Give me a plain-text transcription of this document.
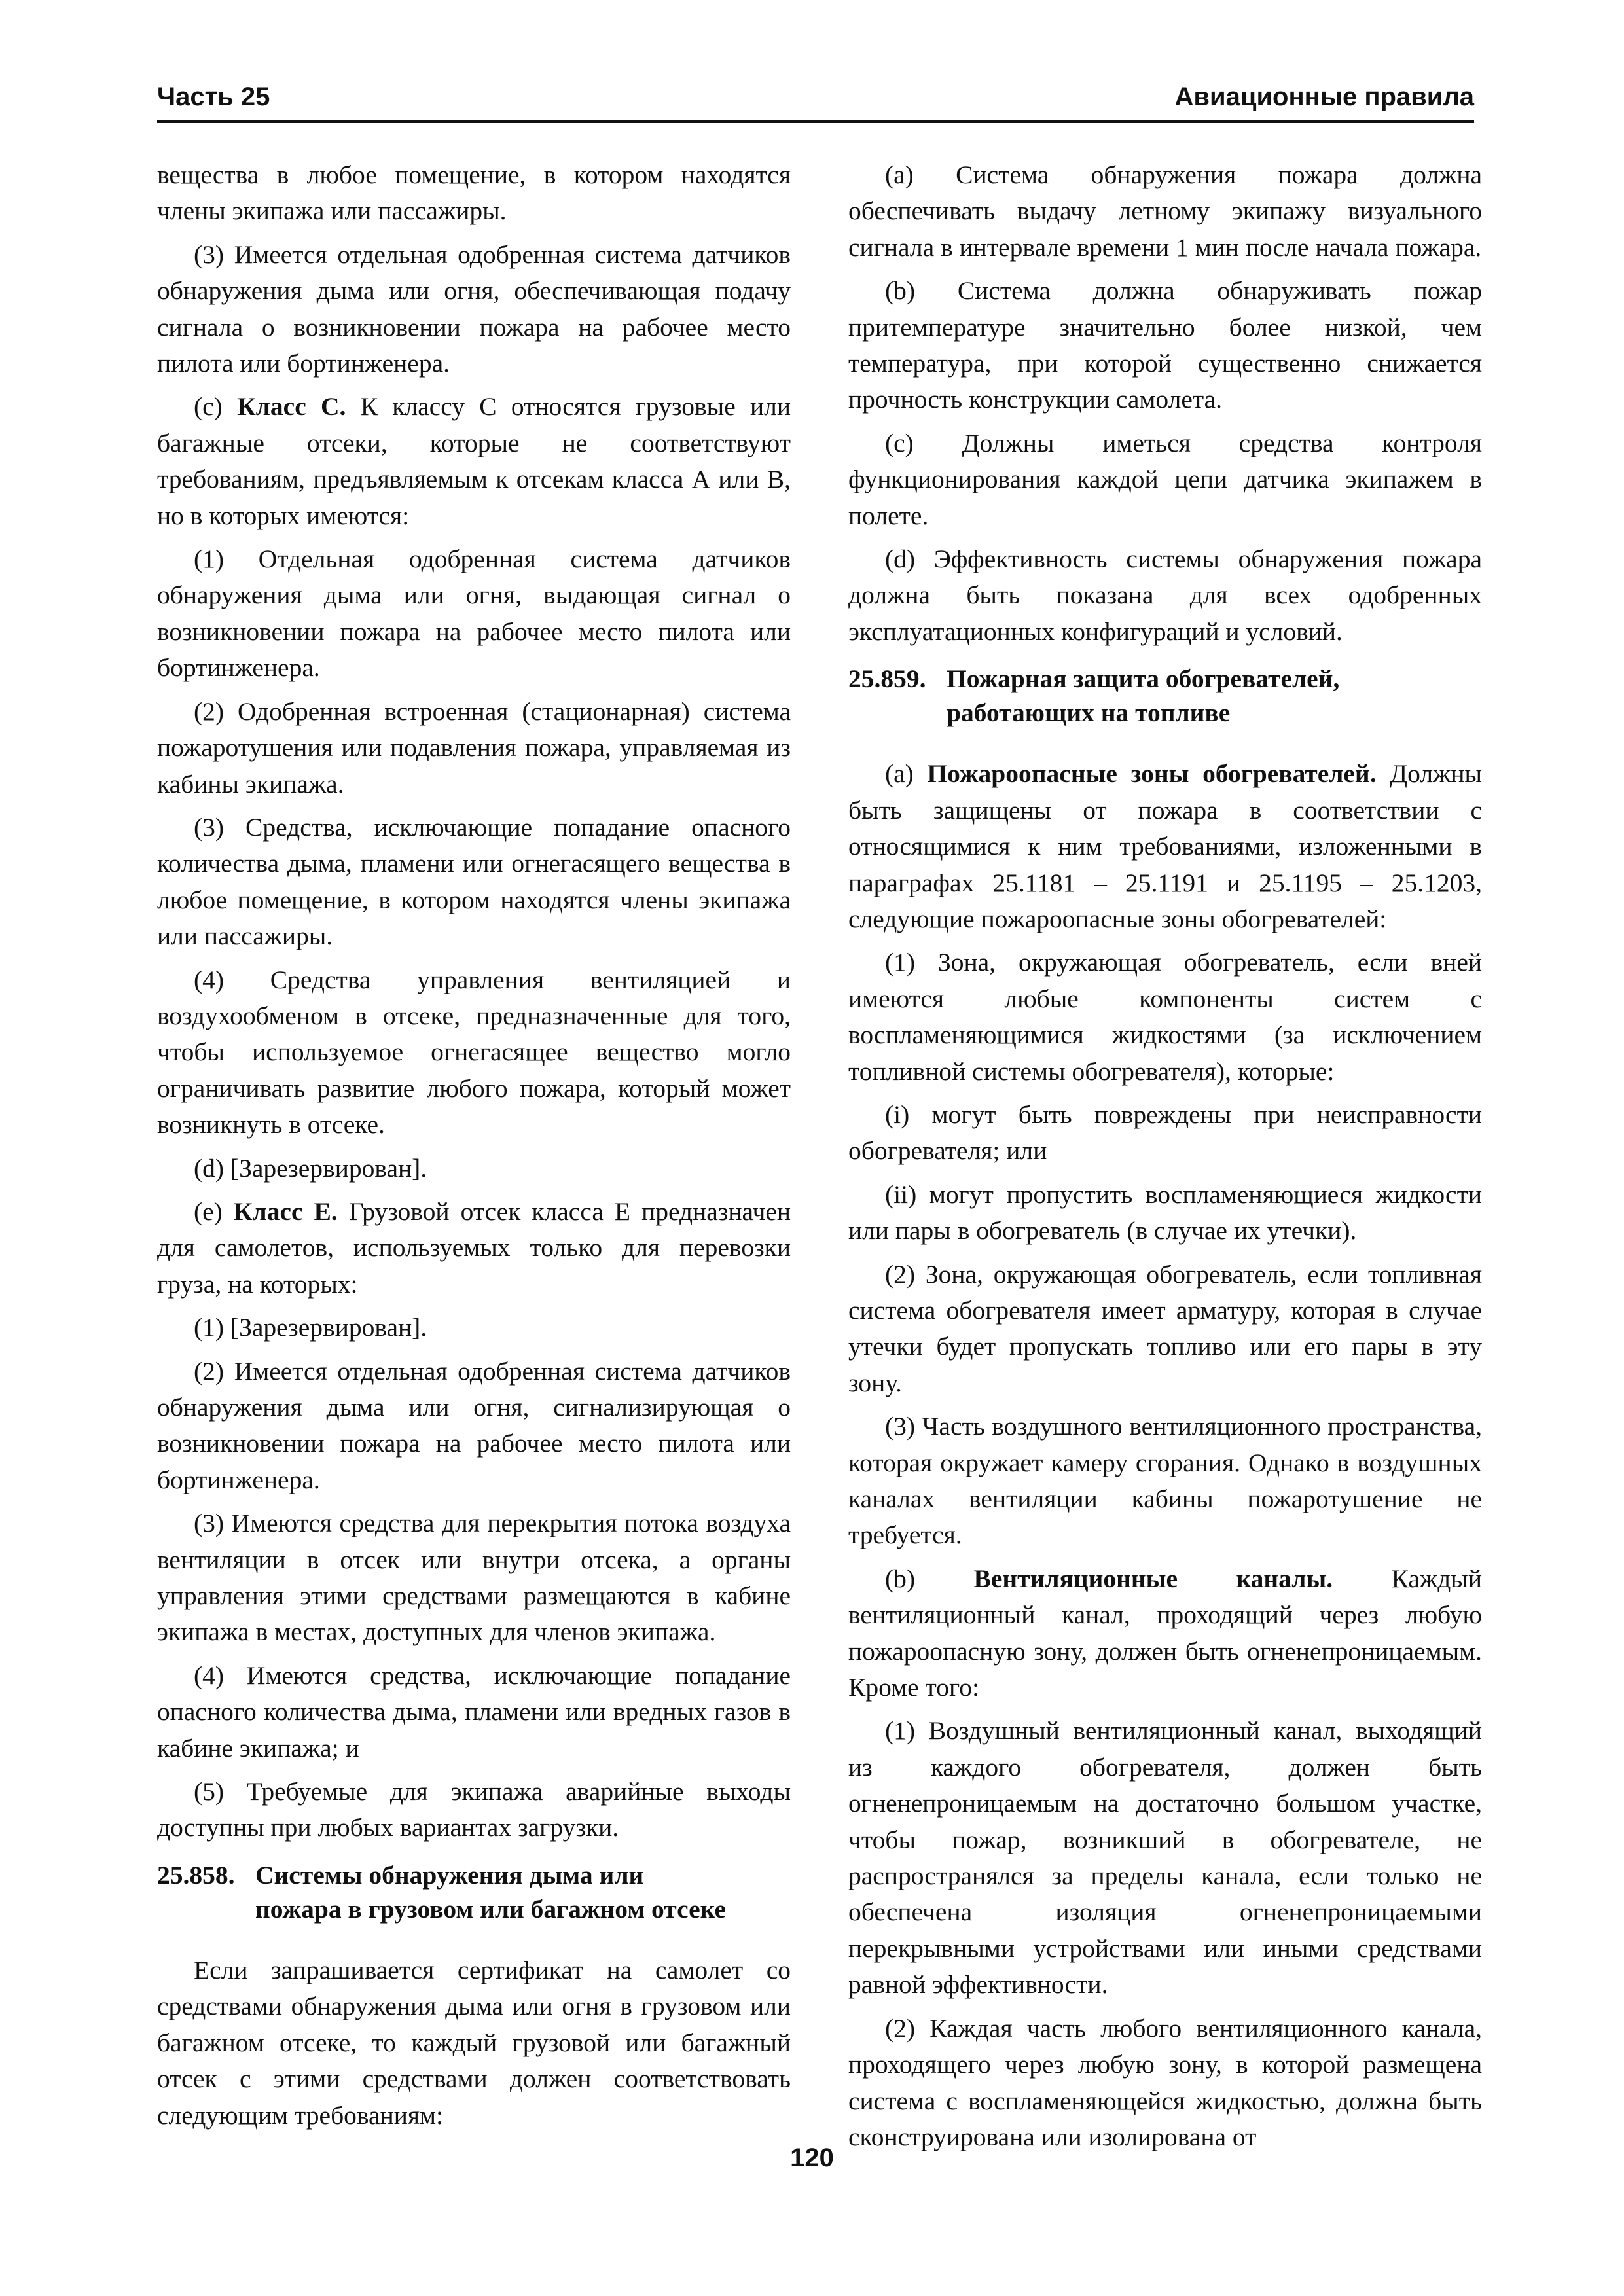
Часть 25	Авиационные правила

вещества в любое помещение, в котором находятся члены экипажа или пассажиры.

(3) Имеется отдельная одобренная система датчиков обнаружения дыма или огня, обеспечивающая подачу сигнала о возникновении пожара на рабочее место пилота или бортинженера.

(c) Класс С. К классу С относятся грузовые или багажные отсеки, которые не соответствуют требованиям, предъявляемым к отсекам класса А или В, но в которых имеются:

(1) Отдельная одобренная система датчиков обнаружения дыма или огня, выдающая сигнал о возникновении пожара на рабочее место пилота или бортинженера.

(2) Одобренная встроенная (стационарная) система пожаротушения или подавления пожара, управляемая из кабины экипажа.

(3) Средства, исключающие попадание опасного количества дыма, пламени или огнегасящего вещества в любое помещение, в котором находятся члены экипажа или пассажиры.

(4) Средства управления вентиляцией и воздухообменом в отсеке, предназначенные для того, чтобы используемое огнегасящее вещество могло ограничивать развитие любого пожара, который может возникнуть в отсеке.

(d) [Зарезервирован].

(e) Класс Е. Грузовой отсек класса Е предназначен для самолетов, используемых только для перевозки груза, на которых:

(1) [Зарезервирован].

(2) Имеется отдельная одобренная система датчиков обнаружения дыма или огня, сигнализирующая о возникновении пожара на рабочее место пилота или бортинженера.

(3) Имеются средства для перекрытия потока воздуха вентиляции в отсек или внутри отсека, а органы управления этими средствами размещаются в кабине экипажа в местах, доступных для членов экипажа.

(4) Имеются средства, исключающие попадание опасного количества дыма, пламени или вредных газов в кабине экипажа; и

(5) Требуемые для экипажа аварийные выходы доступны при любых вариантах загрузки.

25.858. Системы обнаружения дыма или
пожара в грузовом или багажном отсеке

Если запрашивается сертификат на самолет со средствами обнаружения дыма или огня в грузовом или багажном отсеке, то каждый грузовой или багажный отсек с этими средствами должен соответствовать следующим требованиям:

(a) Система обнаружения пожара должна обеспечивать выдачу летному экипажу визуального сигнала в интервале времени 1 мин после начала пожара.

(b) Система должна обнаруживать пожар притемпературе значительно более низкой, чем температура, при которой существенно снижается прочность конструкции самолета.

(c) Должны иметься средства контроля функционирования каждой цепи датчика экипажем в полете.

(d) Эффективность системы обнаружения пожара должна быть показана для всех одобренных эксплуатационных конфигураций и условий.

25.859. Пожарная защита обогревателей,
работающих на топливе

(a) Пожароопасные зоны обогревателей. Должны быть защищены от пожара в соответствии с относящимися к ним требованиями, изложенными в параграфах 25.1181 – 25.1191 и 25.1195 – 25.1203, следующие пожароопасные зоны обогревателей:

(1) Зона, окружающая обогреватель, если вней имеются любые компоненты систем с воспламеняющимися жидкостями (за исключением топливной системы обогревателя), которые:

(i) могут быть повреждены при неисправности обогревателя; или

(ii) могут пропустить воспламеняющиеся жидкости или пары в обогреватель (в случае их утечки).

(2) Зона, окружающая обогреватель, если топливная система обогревателя имеет арматуру, которая в случае утечки будет пропускать топливо или его пары в эту зону.

(3) Часть воздушного вентиляционного пространства, которая окружает камеру сгорания. Однако в воздушных каналах вентиляции кабины пожаротушение не требуется.

(b) Вентиляционные каналы. Каждый вентиляционный канал, проходящий через любую пожароопасную зону, должен быть огненепроницаемым. Кроме того:

(1) Воздушный вентиляционный канал, выходящий из каждого обогревателя, должен быть огненепроницаемым на достаточно большом участке, чтобы пожар, возникший в обогревателе, не распространялся за пределы канала, если только не обеспечена изоляция огненепроницаемыми перекрывными устройствами или иными средствами равной эффективности.

(2) Каждая часть любого вентиляционного канала, проходящего через любую зону, в которой размещена система с воспламеняющейся жидкостью, должна быть сконструирована или изолирована от

120
